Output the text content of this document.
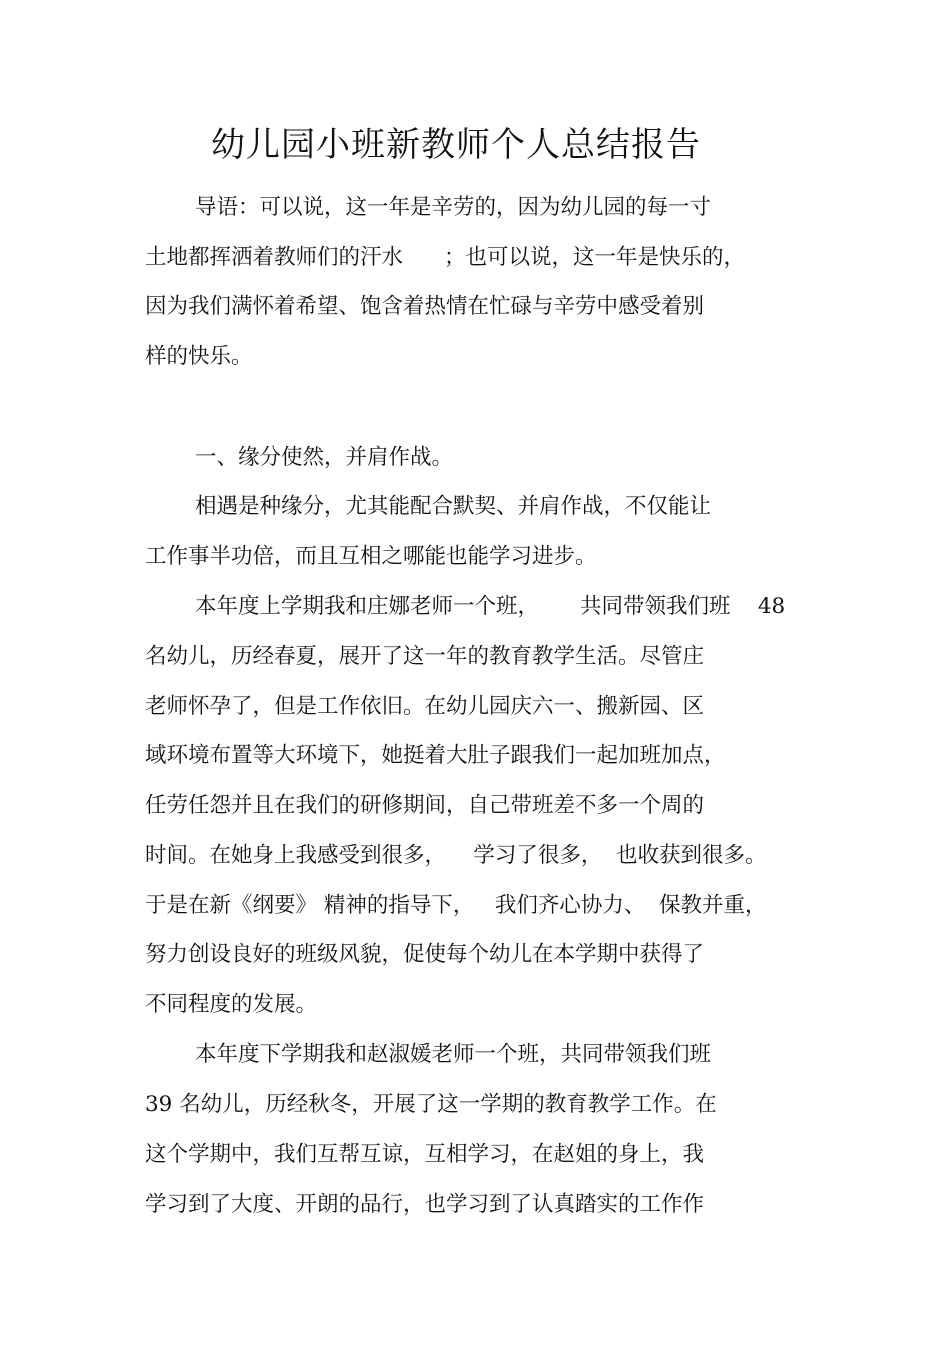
幼儿园小班新教师个人总结报告
导语：可以说，这一年是辛劳的，因为幼儿园的每一寸
土地都挥洒着教师们的汗水      ；也可以说，这一年是快乐的，
因为我们满怀着希望、饱含着热情在忙碌与辛劳中感受着别
样的快乐。
一、缘分使然，并肩作战。
相遇是种缘分，尤其能配合默契、并肩作战，不仅能让
工作事半功倍，而且互相之哪能也能学习进步。
本年度上学期我和庄娜老师一个班，      共同带领我们班    48
名幼儿，历经春夏，展开了这一年的教育教学生活。尽管庄
老师怀孕了，但是工作依旧。在幼儿园庆六一、搬新园、区
域环境布置等大环境下，她挺着大肚子跟我们一起加班加点，
任劳任怨并且在我们的研修期间，自己带班差不多一个周的
时间。在她身上我感受到很多，    学习了很多，  也收获到很多。
于是在新《纲要》 精神的指导下，   我们齐心协力、  保教并重，
努力创设良好的班级风貌，促使每个幼儿在本学期中获得了
不同程度的发展。
本年度下学期我和赵淑媛老师一个班，共同带领我们班
39 名幼儿，历经秋冬，开展了这一学期的教育教学工作。在
这个学期中，我们互帮互谅，互相学习，在赵姐的身上，我
学习到了大度、开朗的品行，也学习到了认真踏实的工作作
